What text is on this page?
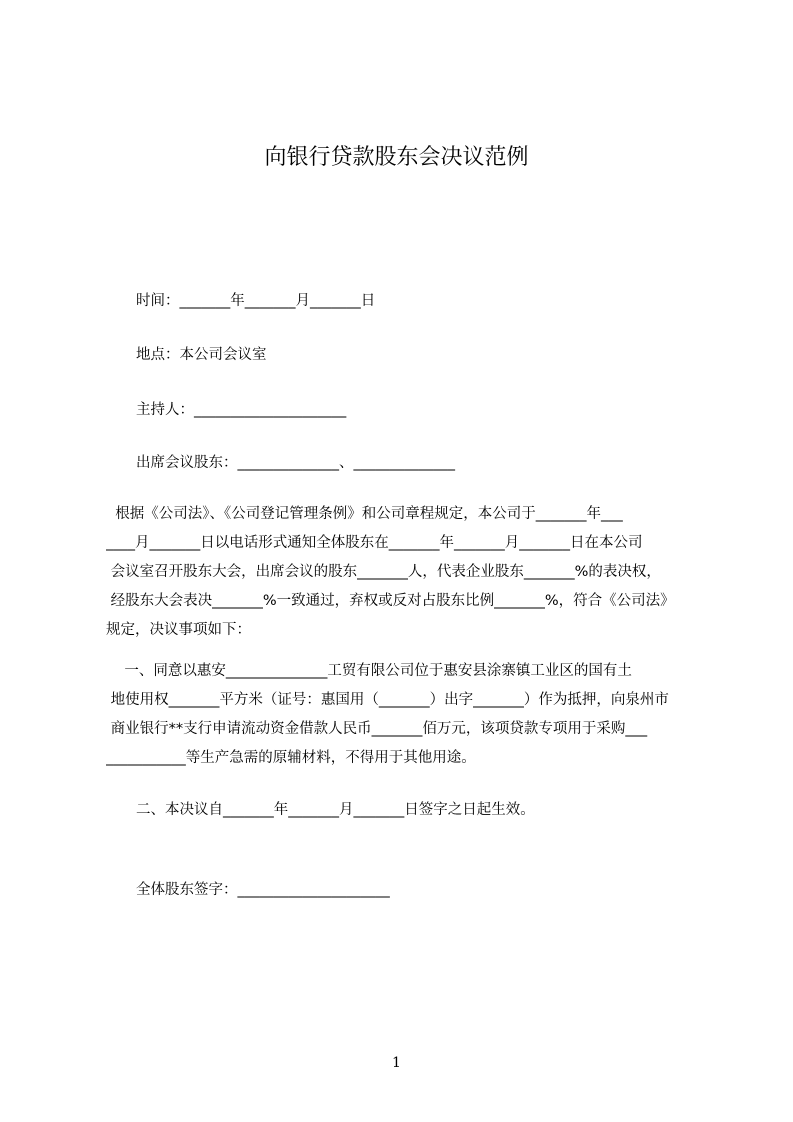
向银行贷款股东会决议范例
时间：_______年_______月_______日
地点：本公司会议室
主持人：_____________________
出席会议股东：______________、______________
根据《公司法》、《公司登记管理条例》和公司章程规定，本公司于_______年___
____月_______日以电话形式通知全体股东在_______年_______月_______日在本公司
会议室召开股东大会，出席会议的股东_______人，代表企业股东_______%的表决权，
经股东大会表决_______%一致通过，弃权或反对占股东比例_______%，符合《公司法》
规定，决议事项如下：
一、同意以惠安______________工贸有限公司位于惠安县涂寨镇工业区的国有土
地使用权_______平方米（证号：惠国用（_______）出字_______）作为抵押，向泉州市
商业银行**支行申请流动资金借款人民币_______佰万元，该项贷款专项用于采购___
___________等生产急需的原辅材料，不得用于其他用途。
二、本决议自_______年_______月_______日签字之日起生效。
全体股东签字：_____________________
1
